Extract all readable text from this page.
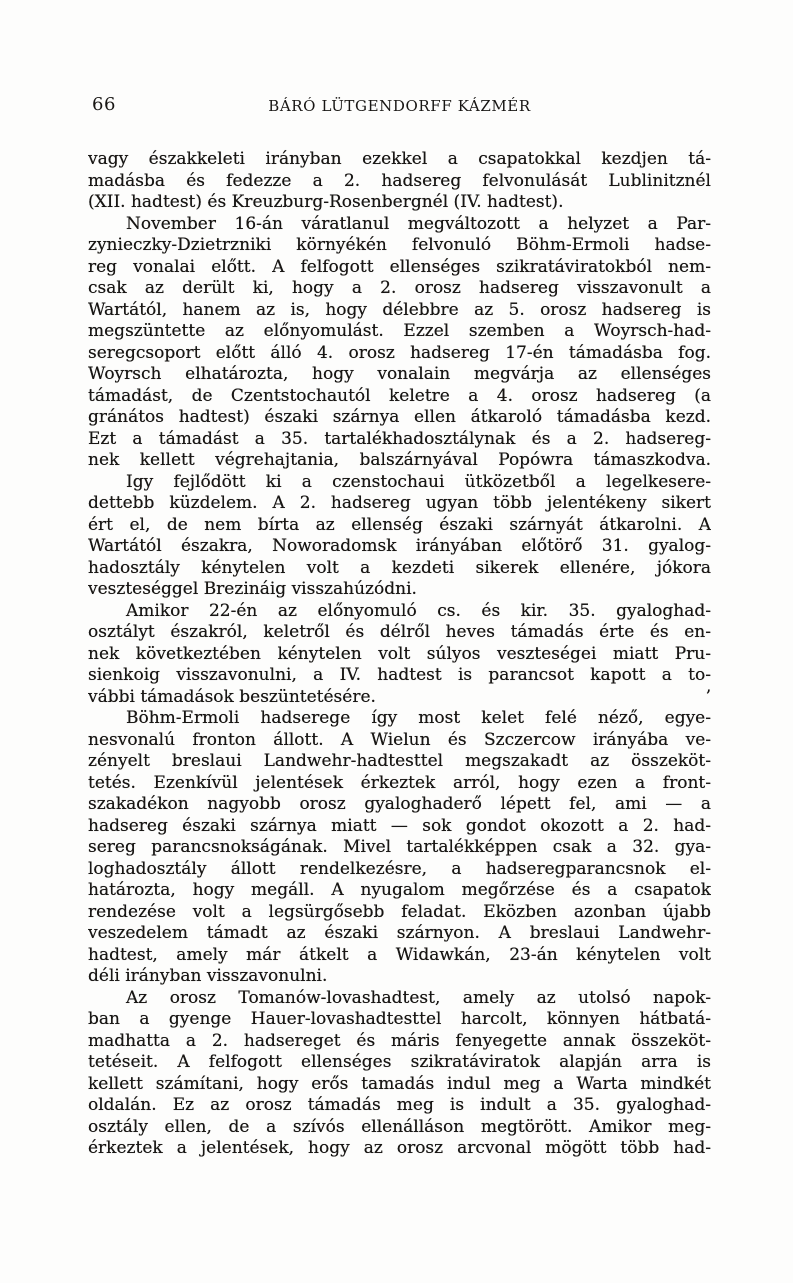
66	BÁRÓ LÜTGENDORFF KÁZMÉR

vagy északkeleti irányban ezekkel a csapatokkal kezdjen tá-
madásba és fedezze a 2. hadsereg felvonulását Lublinitznél
(XII. hadtest) és Kreuzburg-Rosenbergnél (IV. hadtest).

November 16-án váratlanul megváltozott a helyzet a Par-
zynieczky-Dzietrzniki környékén felvonuló Böhm-Ermoli hadse-
reg vonalai előtt. A felfogott ellenséges szikratáviratokból nem-
csak az derült ki, hogy a 2. orosz hadsereg visszavonult a
Wartától, hanem az is, hogy délebbre az 5. orosz hadsereg is
megszüntette az előnyomulást. Ezzel szemben a Woyrsch-had-
seregcsoport előtt álló 4. orosz hadsereg 17-én támadásba fog.
Woyrsch elhatározta, hogy vonalain megvárja az ellenséges
támadást, de Czentstochautól keletre a 4. orosz hadsereg (a
gránátos hadtest) északi szárnya ellen átkaroló támadásba kezd.
Ezt a támadást a 35. tartalékhadosztálynak és a 2. hadsereg-
nek kellett végrehajtania, balszárnyával Popówra támaszkodva.

Igy fejlődött ki a czenstochaui ütközetből a legelkesere-
dettebb küzdelem. A 2. hadsereg ugyan több jelentékeny sikert
ért el, de nem bírta az ellenség északi szárnyát átkarolni. A
Wartától északra, Noworadomsk irányában előtörő 31. gyalog-
hadosztály kénytelen volt a kezdeti sikerek ellenére, jókora
veszteséggel Brezináig visszahúzódni.

Amikor 22-én az előnyomuló cs. és kir. 35. gyaloghad-
osztályt északról, keletről és délről heves támadás érte és en-
nek következtében kénytelen volt súlyos veszteségei miatt Pru-
sienkoig visszavonulni, a IV. hadtest is parancsot kapott a to-
’
vábbi támadások beszüntetésére.

Böhm-Ermoli hadserege így most kelet felé néző, egye-
nesvonalú fronton állott. A Wielun és Szczercow irányába ve-
zényelt breslaui Landwehr-hadtesttel megszakadt az összeköt-
tetés. Ezenkívül jelentések érkeztek arról, hogy ezen a front-
szakadékon nagyobb orosz gyaloghaderő lépett fel, ami — a
hadsereg északi szárnya miatt — sok gondot okozott a 2. had-
sereg parancsnokságának. Mivel tartalékképpen csak a 32. gya-
loghadosztály állott rendelkezésre, a hadseregparancsnok el-
határozta, hogy megáll. A nyugalom megőrzése és a csapatok
rendezése volt a legsürgősebb feladat. Eközben azonban újabb
veszedelem támadt az északi szárnyon. A breslaui Landwehr-
hadtest, amely már átkelt a Widawkán, 23-án kénytelen volt
déli irányban visszavonulni.

Az orosz Tomanów-lovashadtest, amely az utolsó napok-
ban a gyenge Hauer-lovashadtesttel harcolt, könnyen hátbatá-
madhatta a 2. hadsereget és máris fenyegette annak összeköt-
tetéseit. A felfogott ellenséges szikratáviratok alapján arra is
kellett számítani, hogy erős tamadás indul meg a Warta mindkét
oldalán. Ez az orosz támadás meg is indult a 35. gyaloghad-
osztály ellen, de a szívós ellenálláson megtörött. Amikor meg-
érkeztek a jelentések, hogy az orosz arcvonal mögött több had-
